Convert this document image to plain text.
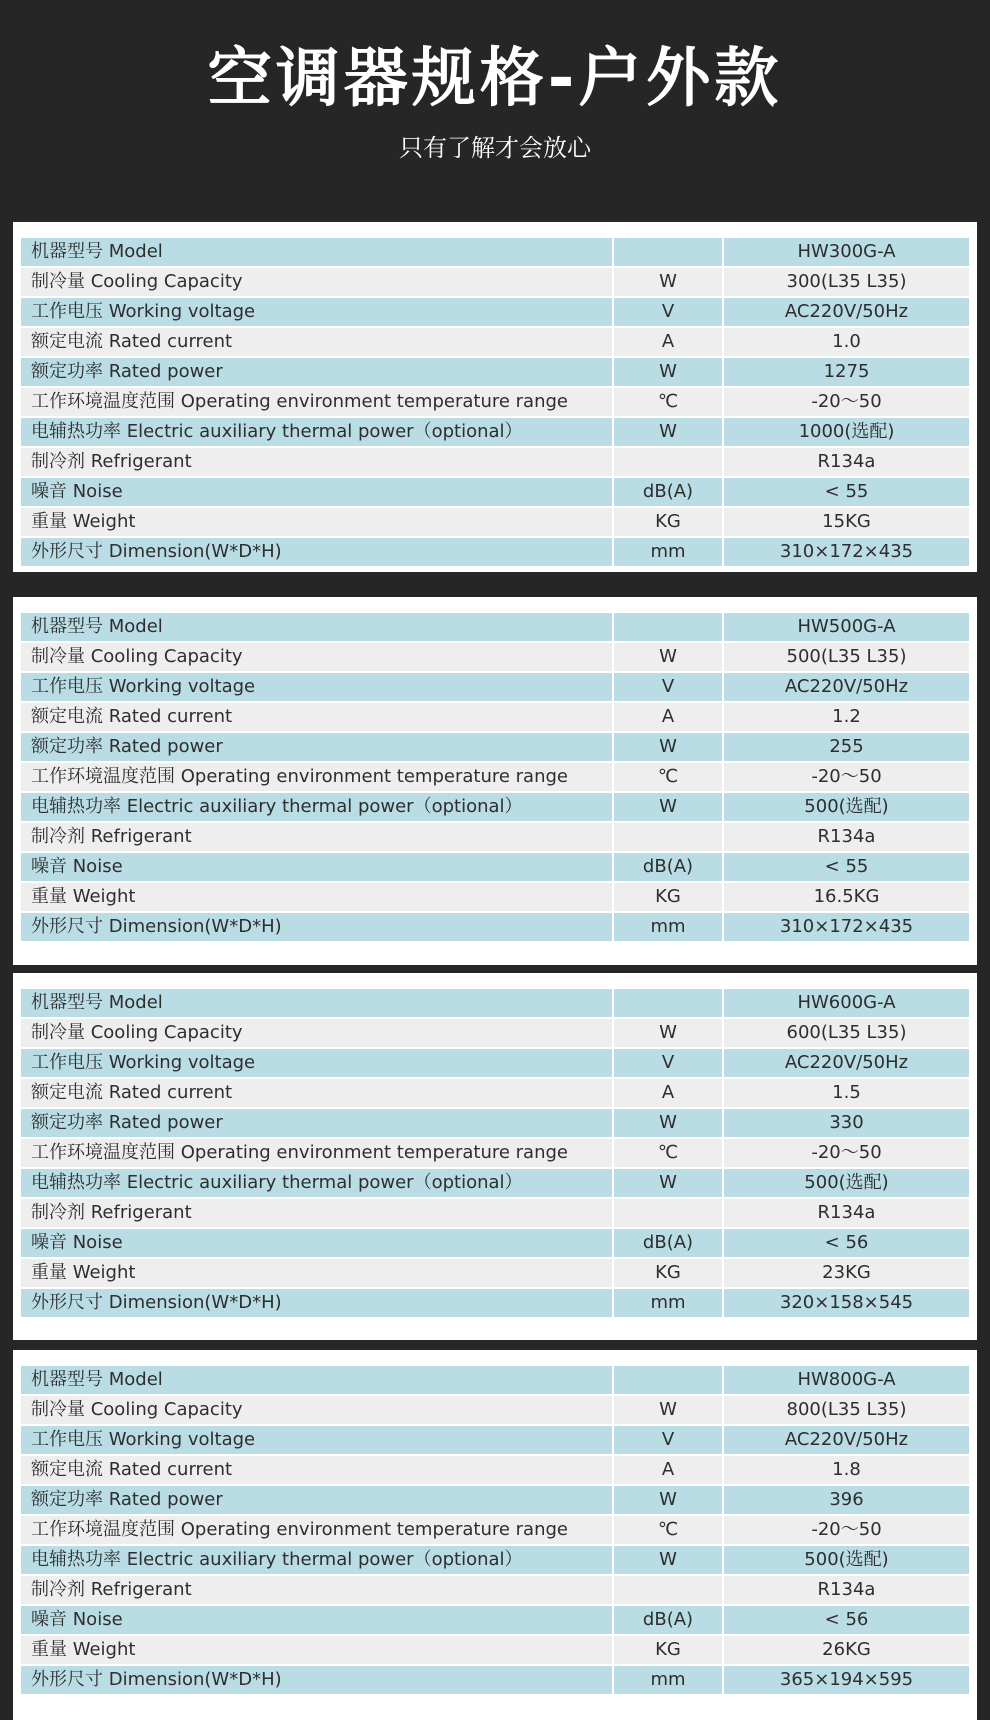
空调器规格-户外款
只有了解才会放心
机器型号 Model		HW300G-A
制冷量 Cooling Capacity	W	300(L35 L35)
工作电压 Working voltage	V	AC220V/50Hz
额定电流 Rated current	A	1.0
额定功率 Rated power	W	1275
工作环境温度范围 Operating environment temperature range	℃	-20～50
电辅热功率 Electric auxiliary thermal power（optional）	W	1000(选配)
制冷剂 Refrigerant		R134a
噪音 Noise	dB(A)	< 55
重量 Weight	KG	15KG
外形尺寸 Dimension(W*D*H)	mm	310×172×435
机器型号 Model		HW500G-A
制冷量 Cooling Capacity	W	500(L35 L35)
工作电压 Working voltage	V	AC220V/50Hz
额定电流 Rated current	A	1.2
额定功率 Rated power	W	255
工作环境温度范围 Operating environment temperature range	℃	-20～50
电辅热功率 Electric auxiliary thermal power（optional）	W	500(选配)
制冷剂 Refrigerant		R134a
噪音 Noise	dB(A)	< 55
重量 Weight	KG	16.5KG
外形尺寸 Dimension(W*D*H)	mm	310×172×435
机器型号 Model		HW600G-A
制冷量 Cooling Capacity	W	600(L35 L35)
工作电压 Working voltage	V	AC220V/50Hz
额定电流 Rated current	A	1.5
额定功率 Rated power	W	330
工作环境温度范围 Operating environment temperature range	℃	-20～50
电辅热功率 Electric auxiliary thermal power（optional）	W	500(选配)
制冷剂 Refrigerant		R134a
噪音 Noise	dB(A)	< 56
重量 Weight	KG	23KG
外形尺寸 Dimension(W*D*H)	mm	320×158×545
机器型号 Model		HW800G-A
制冷量 Cooling Capacity	W	800(L35 L35)
工作电压 Working voltage	V	AC220V/50Hz
额定电流 Rated current	A	1.8
额定功率 Rated power	W	396
工作环境温度范围 Operating environment temperature range	℃	-20～50
电辅热功率 Electric auxiliary thermal power（optional）	W	500(选配)
制冷剂 Refrigerant		R134a
噪音 Noise	dB(A)	< 56
重量 Weight	KG	26KG
外形尺寸 Dimension(W*D*H)	mm	365×194×595
